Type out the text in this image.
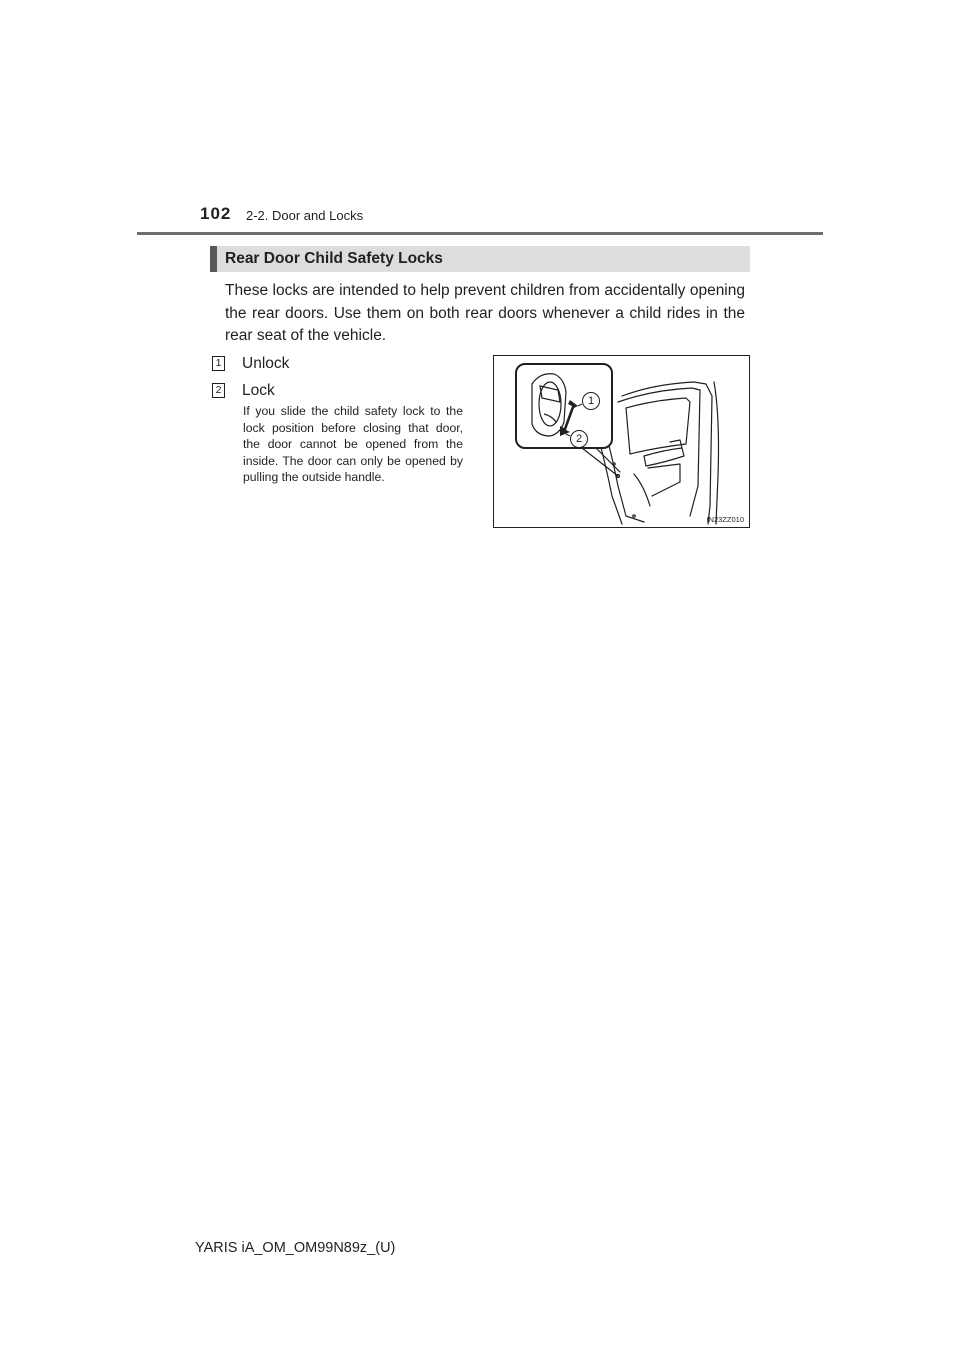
102 2-2. Door and Locks
Rear Door Child Safety Locks
These locks are intended to help prevent children from accidentally opening the rear doors. Use them on both rear doors whenever a child rides in the rear seat of the vehicle.
1 Unlock
2 Lock
If you slide the child safety lock to the lock position before closing that door, the door cannot be opened from the inside. The door can only be opened by pulling the outside handle.
1
2
IN23ZZ010
YARIS iA_OM_OM99N89z_(U)
